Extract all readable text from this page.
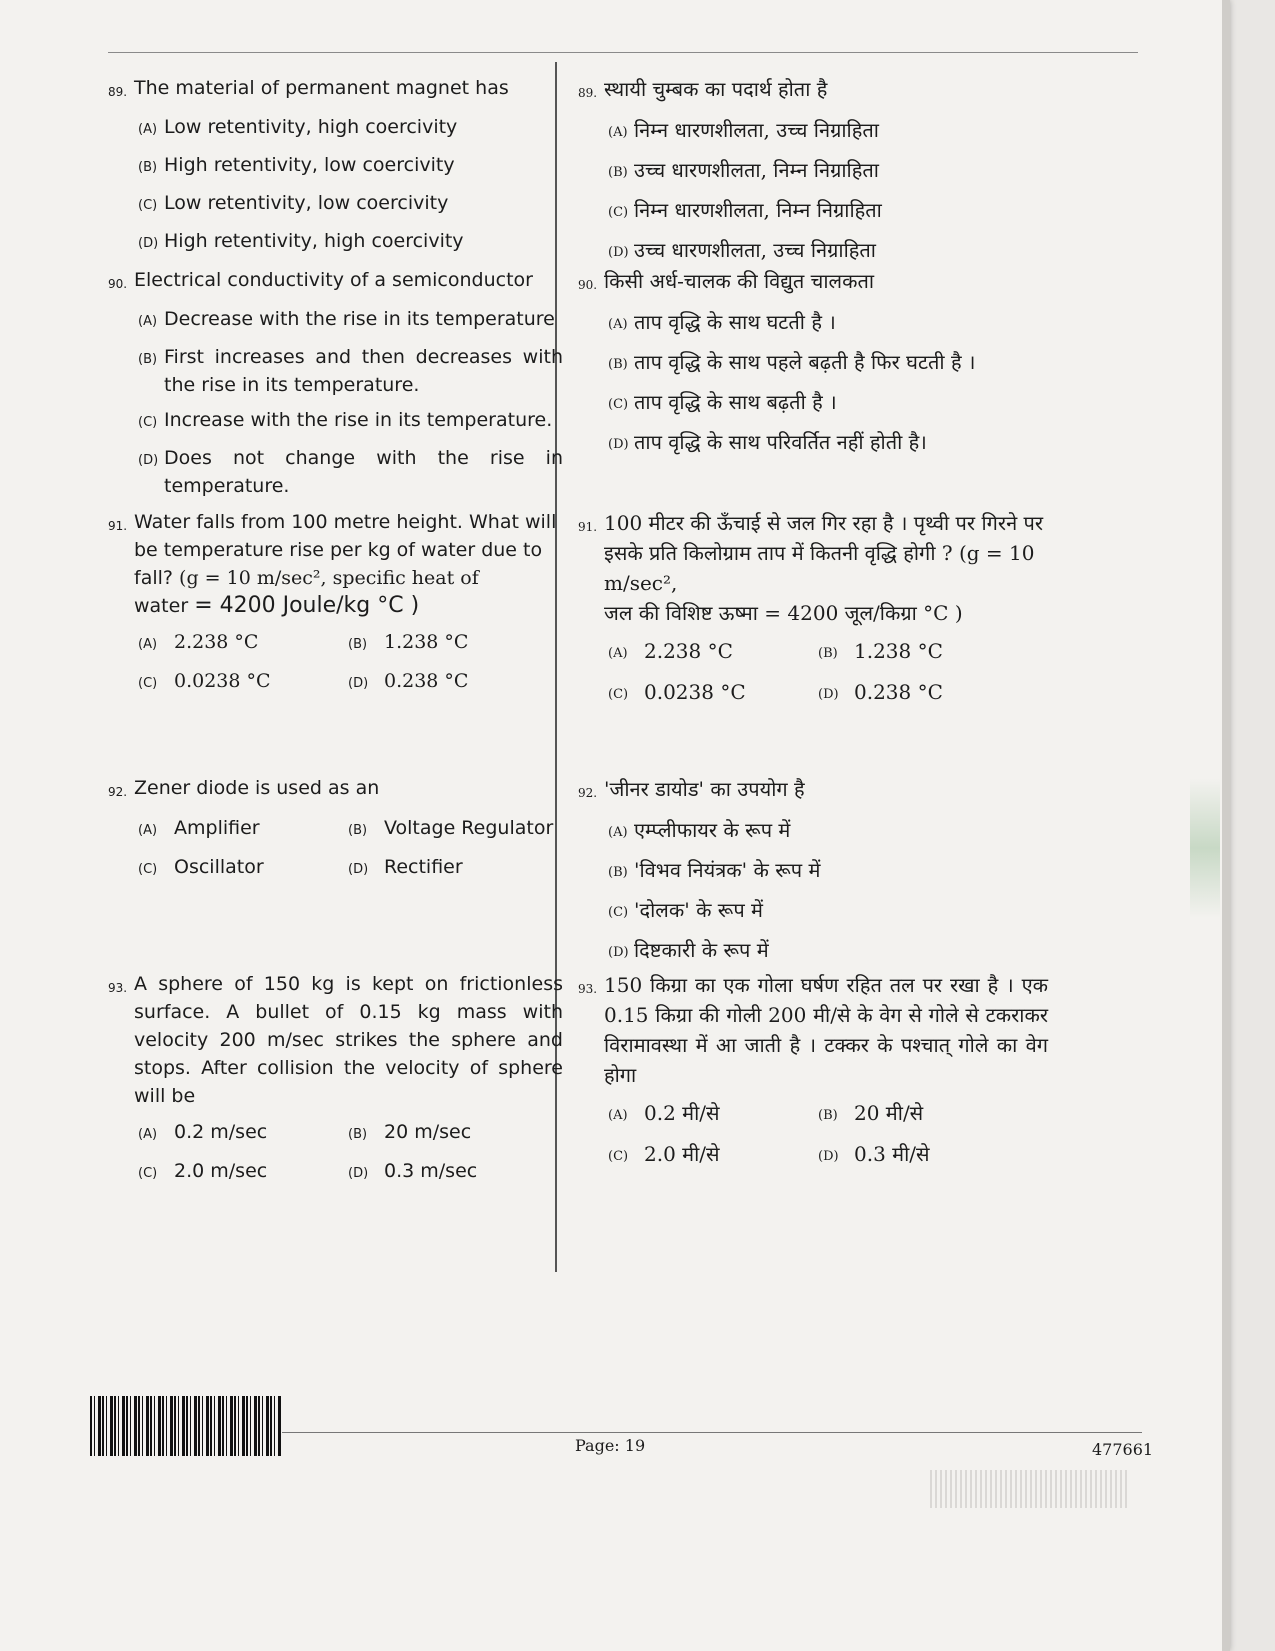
89. The material of permanent magnet has
(A) Low retentivity, high coercivity
(B) High retentivity, low coercivity
(C) Low retentivity, low coercivity
(D) High retentivity, high coercivity
89. स्थायी चुम्बक का पदार्थ होता है
(A) निम्न धारणशीलता, उच्च निग्राहिता
(B) उच्च धारणशीलता, निम्न निग्राहिता
(C) निम्न धारणशीलता, निम्न निग्राहिता
(D) उच्च धारणशीलता, उच्च निग्राहिता
90. Electrical conductivity of a semiconductor
(A) Decrease with the rise in its temperature
(B) First increases and then decreases with the rise in its temperature.
(C) Increase with the rise in its temperature.
(D) Does not change with the rise in temperature.
90. किसी अर्ध-चालक की विद्युत चालकता
(A) ताप वृद्धि के साथ घटती है ।
(B) ताप वृद्धि के साथ पहले बढ़ती है फिर घटती है ।
(C) ताप वृद्धि के साथ बढ़ती है ।
(D) ताप वृद्धि के साथ परिवर्तित नहीं होती है।
91. Water falls from 100 metre height. What will be temperature rise per kg of water due to fall? (g = 10 m/sec², specific heat of
water = 4200 Joule/kg °C )
(A) 2.238 °C	(B) 1.238 °C
(C) 0.0238 °C	(D) 0.238 °C
91. 100 मीटर की ऊँचाई से जल गिर रहा है । पृथ्वी पर गिरने पर इसके प्रति किलोग्राम ताप में कितनी वृद्धि होगी ? (g = 10 m/sec²,
जल की विशिष्ट ऊष्मा = 4200 जूल/किग्रा °C )
(A) 2.238 °C	(B) 1.238 °C
(C) 0.0238 °C	(D) 0.238 °C
92. Zener diode is used as an
(A) Amplifier	(B) Voltage Regulator
(C) Oscillator	(D) Rectifier
92. 'जीनर डायोड' का उपयोग है
(A) एम्प्लीफायर के रूप में
(B) 'विभव नियंत्रक' के रूप में
(C) 'दोलक' के रूप में
(D) दिष्टकारी के रूप में
93. A sphere of 150 kg is kept on frictionless surface. A bullet of 0.15 kg mass with velocity 200 m/sec strikes the sphere and stops. After collision the velocity of sphere will be
(A) 0.2 m/sec	(B) 20 m/sec
(C) 2.0 m/sec	(D) 0.3 m/sec
93. 150 किग्रा का एक गोला घर्षण रहित तल पर रखा है । एक 0.15 किग्रा की गोली 200 मी/से के वेग से गोले से टकराकर विरामावस्था में आ जाती है । टक्कर के पश्चात् गोले का वेग होगा
(A) 0.2 मी/से	(B) 20 मी/से
(C) 2.0 मी/से	(D) 0.3 मी/से
Page: 19	477661
